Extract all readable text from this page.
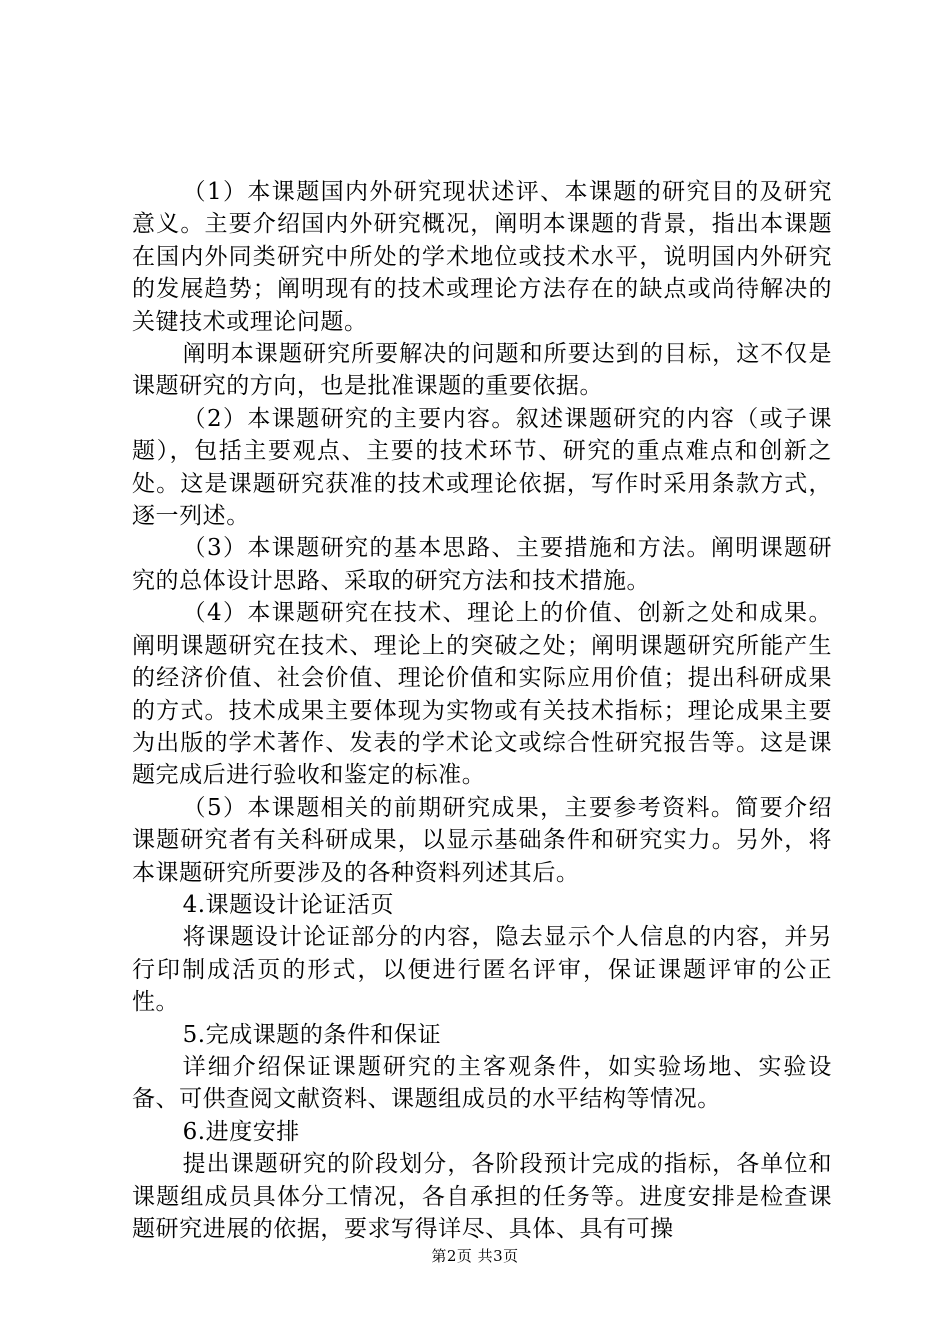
（1）本课题国内外研究现状述评、本课题的研究目的及研究意义。主要介绍国内外研究概况，阐明本课题的背景，指出本课题在国内外同类研究中所处的学术地位或技术水平，说明国内外研究的发展趋势；阐明现有的技术或理论方法存在的缺点或尚待解决的关键技术或理论问题。

阐明本课题研究所要解决的问题和所要达到的目标，这不仅是课题研究的方向，也是批准课题的重要依据。

（2）本课题研究的主要内容。叙述课题研究的内容（或子课题），包括主要观点、主要的技术环节、研究的重点难点和创新之处。这是课题研究获准的技术或理论依据，写作时采用条款方式，逐一列述。

（3）本课题研究的基本思路、主要措施和方法。阐明课题研究的总体设计思路、采取的研究方法和技术措施。

（4）本课题研究在技术、理论上的价值、创新之处和成果。阐明课题研究在技术、理论上的突破之处；阐明课题研究所能产生的经济价值、社会价值、理论价值和实际应用价值；提出科研成果的方式。技术成果主要体现为实物或有关技术指标；理论成果主要为出版的学术著作、发表的学术论文或综合性研究报告等。这是课题完成后进行验收和鉴定的标准。

（5）本课题相关的前期研究成果，主要参考资料。简要介绍课题研究者有关科研成果，以显示基础条件和研究实力。另外，将本课题研究所要涉及的各种资料列述其后。

4.课题设计论证活页

将课题设计论证部分的内容，隐去显示个人信息的内容，并另行印制成活页的形式，以便进行匿名评审，保证课题评审的公正性。

5.完成课题的条件和保证

详细介绍保证课题研究的主客观条件，如实验场地、实验设备、可供查阅文献资料、课题组成员的水平结构等情况。

6.进度安排

提出课题研究的阶段划分，各阶段预计完成的指标，各单位和课题组成员具体分工情况，各自承担的任务等。进度安排是检查课题研究进展的依据，要求写得详尽、具体、具有可操

第2页 共3页
